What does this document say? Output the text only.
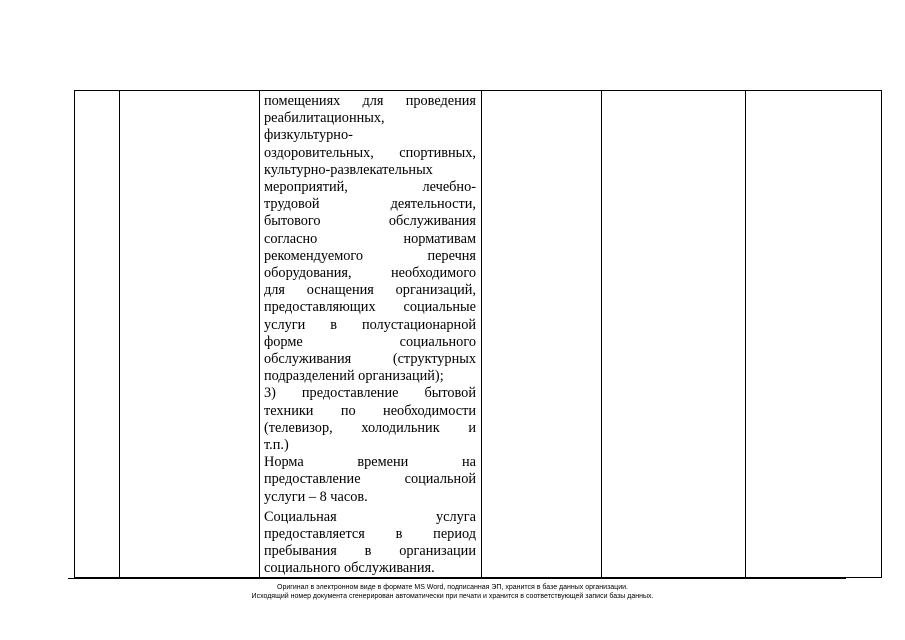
помещениях для проведения
реабилитационных,
физкультурно-
оздоровительных, спортивных,
культурно-развлекательных
мероприятий,	лечебно-
трудовой	деятельности,
бытового	обслуживания
согласно	нормативам
рекомендуемого	перечня
оборудования,	необходимого
для оснащения организаций,
предоставляющих социальные
услуги в полустационарной
форме	социального
обслуживания	(структурных
подразделений организаций);
3) предоставление бытовой
техники по необходимости
(телевизор, холодильник и
т.п.)
Норма	времени	на
предоставление	социальной
услуги – 8 часов.
Социальная	услуга
предоставляется в период
пребывания в организации
социального обслуживания.
Оригинал в электронном виде в формате MS Word, подписанная ЭП, хранится в базе данных организации.
Исходящий номер документа сгенерирован автоматически при печати и хранится в соответствующей записи базы данных.
